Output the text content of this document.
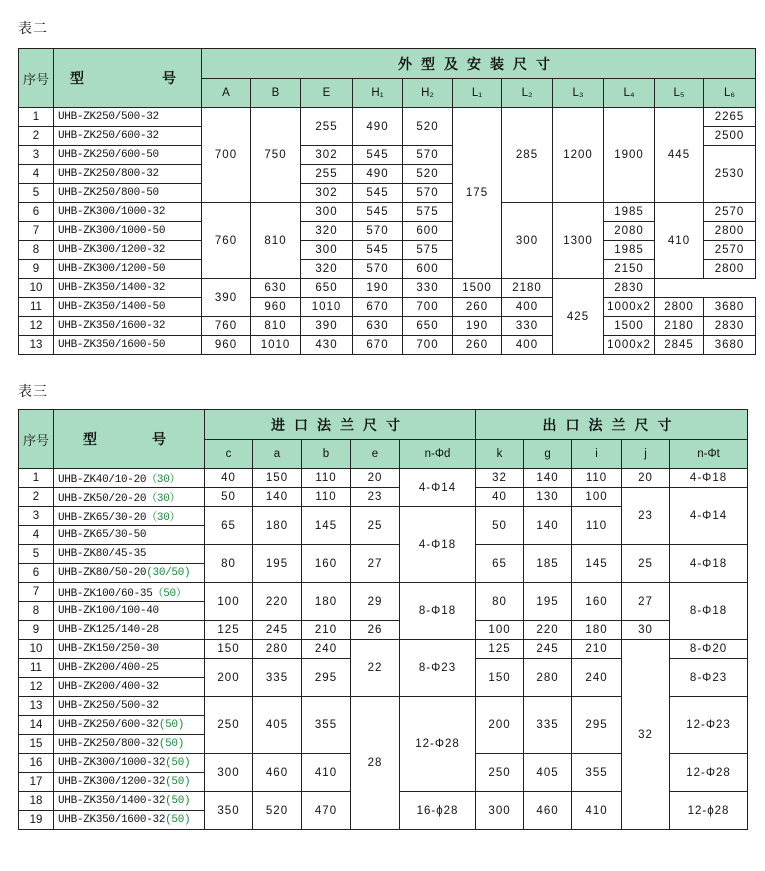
表二
序号	型　　　号	外型及安装尺寸										
		A	B	E	H₁	H₂	L₁	L₂	L₃	L₄	L₅	L₆
1	UHB-ZK250/500-32	700	750	255	490	520	175	285	1200	1900	445	2265
2	UHB-ZK250/600-32											2500
3	UHB-ZK250/600-50			302	545	570						2530
4	UHB-ZK250/800-32			255	490	520						
5	UHB-ZK250/800-50			302	545	570						
6	UHB-ZK300/1000-32	760	810	300	545	575		300	1300	1985	410	2570
7	UHB-ZK300/1000-50			320	570	600				2080		2800
8	UHB-ZK300/1200-32			300	545	575				1985		2570
9	UHB-ZK300/1200-50			320	570	600				2150		2800
10	UHB-ZK350/1400-32	390	630	650	190	330	1500	2180	425	2830		
11	UHB-ZK350/1400-50		960	1010	670	700	260	400		1000x2	2800	3680
12	UHB-ZK350/1600-32	760	810	390	630	650	190	330		1500	2180	2830
13	UHB-ZK350/1600-50	960	1010	430	670	700	260	400		1000x2	2845	3680
表三
序号	型　　号	进口法兰尺寸					出口法兰尺寸				
		c	a	b	e	n-Φd	k	g	i	j	n-Φt
1	UHB-ZK40/10-20（30）	40	150	110	20	4-Φ14	32	140	110	20	4-Φ18
2	UHB-ZK50/20-20（30）	50	140	110	23		40	130	100	23	4-Φ14
3	UHB-ZK65/30-20（30）	65	180	145	25	4-Φ18	50	140	110		
4	UHB-ZK65/30-50										
5	UHB-ZK80/45-35	80	195	160	27		65	185	145	25	4-Φ18
6	UHB-ZK80/50-20(30/50)										
7	UHB-ZK100/60-35（50）	100	220	180	29	8-Φ18	80	195	160	27	8-Φ18
8	UHB-ZK100/100-40										
9	UHB-ZK125/140-28	125	245	210	26		100	220	180	30	
10	UHB-ZK150/250-30	150	280	240	22	8-Φ23	125	245	210	32	8-Φ20
11	UHB-ZK200/400-25	200	335	295			150	280	240		8-Φ23
12	UHB-ZK200/400-32										
13	UHB-ZK250/500-32	250	405	355	28	12-Φ28	200	335	295		12-Φ23
14	UHB-ZK250/600-32(50)										
15	UHB-ZK250/800-32(50)										
16	UHB-ZK300/1000-32(50)	300	460	410			250	405	355		12-Φ28
17	UHB-ZK300/1200-32(50)										
18	UHB-ZK350/1400-32(50)	350	520	470		16-ϕ28	300	460	410		12-ϕ28
19	UHB-ZK350/1600-32(50)										
